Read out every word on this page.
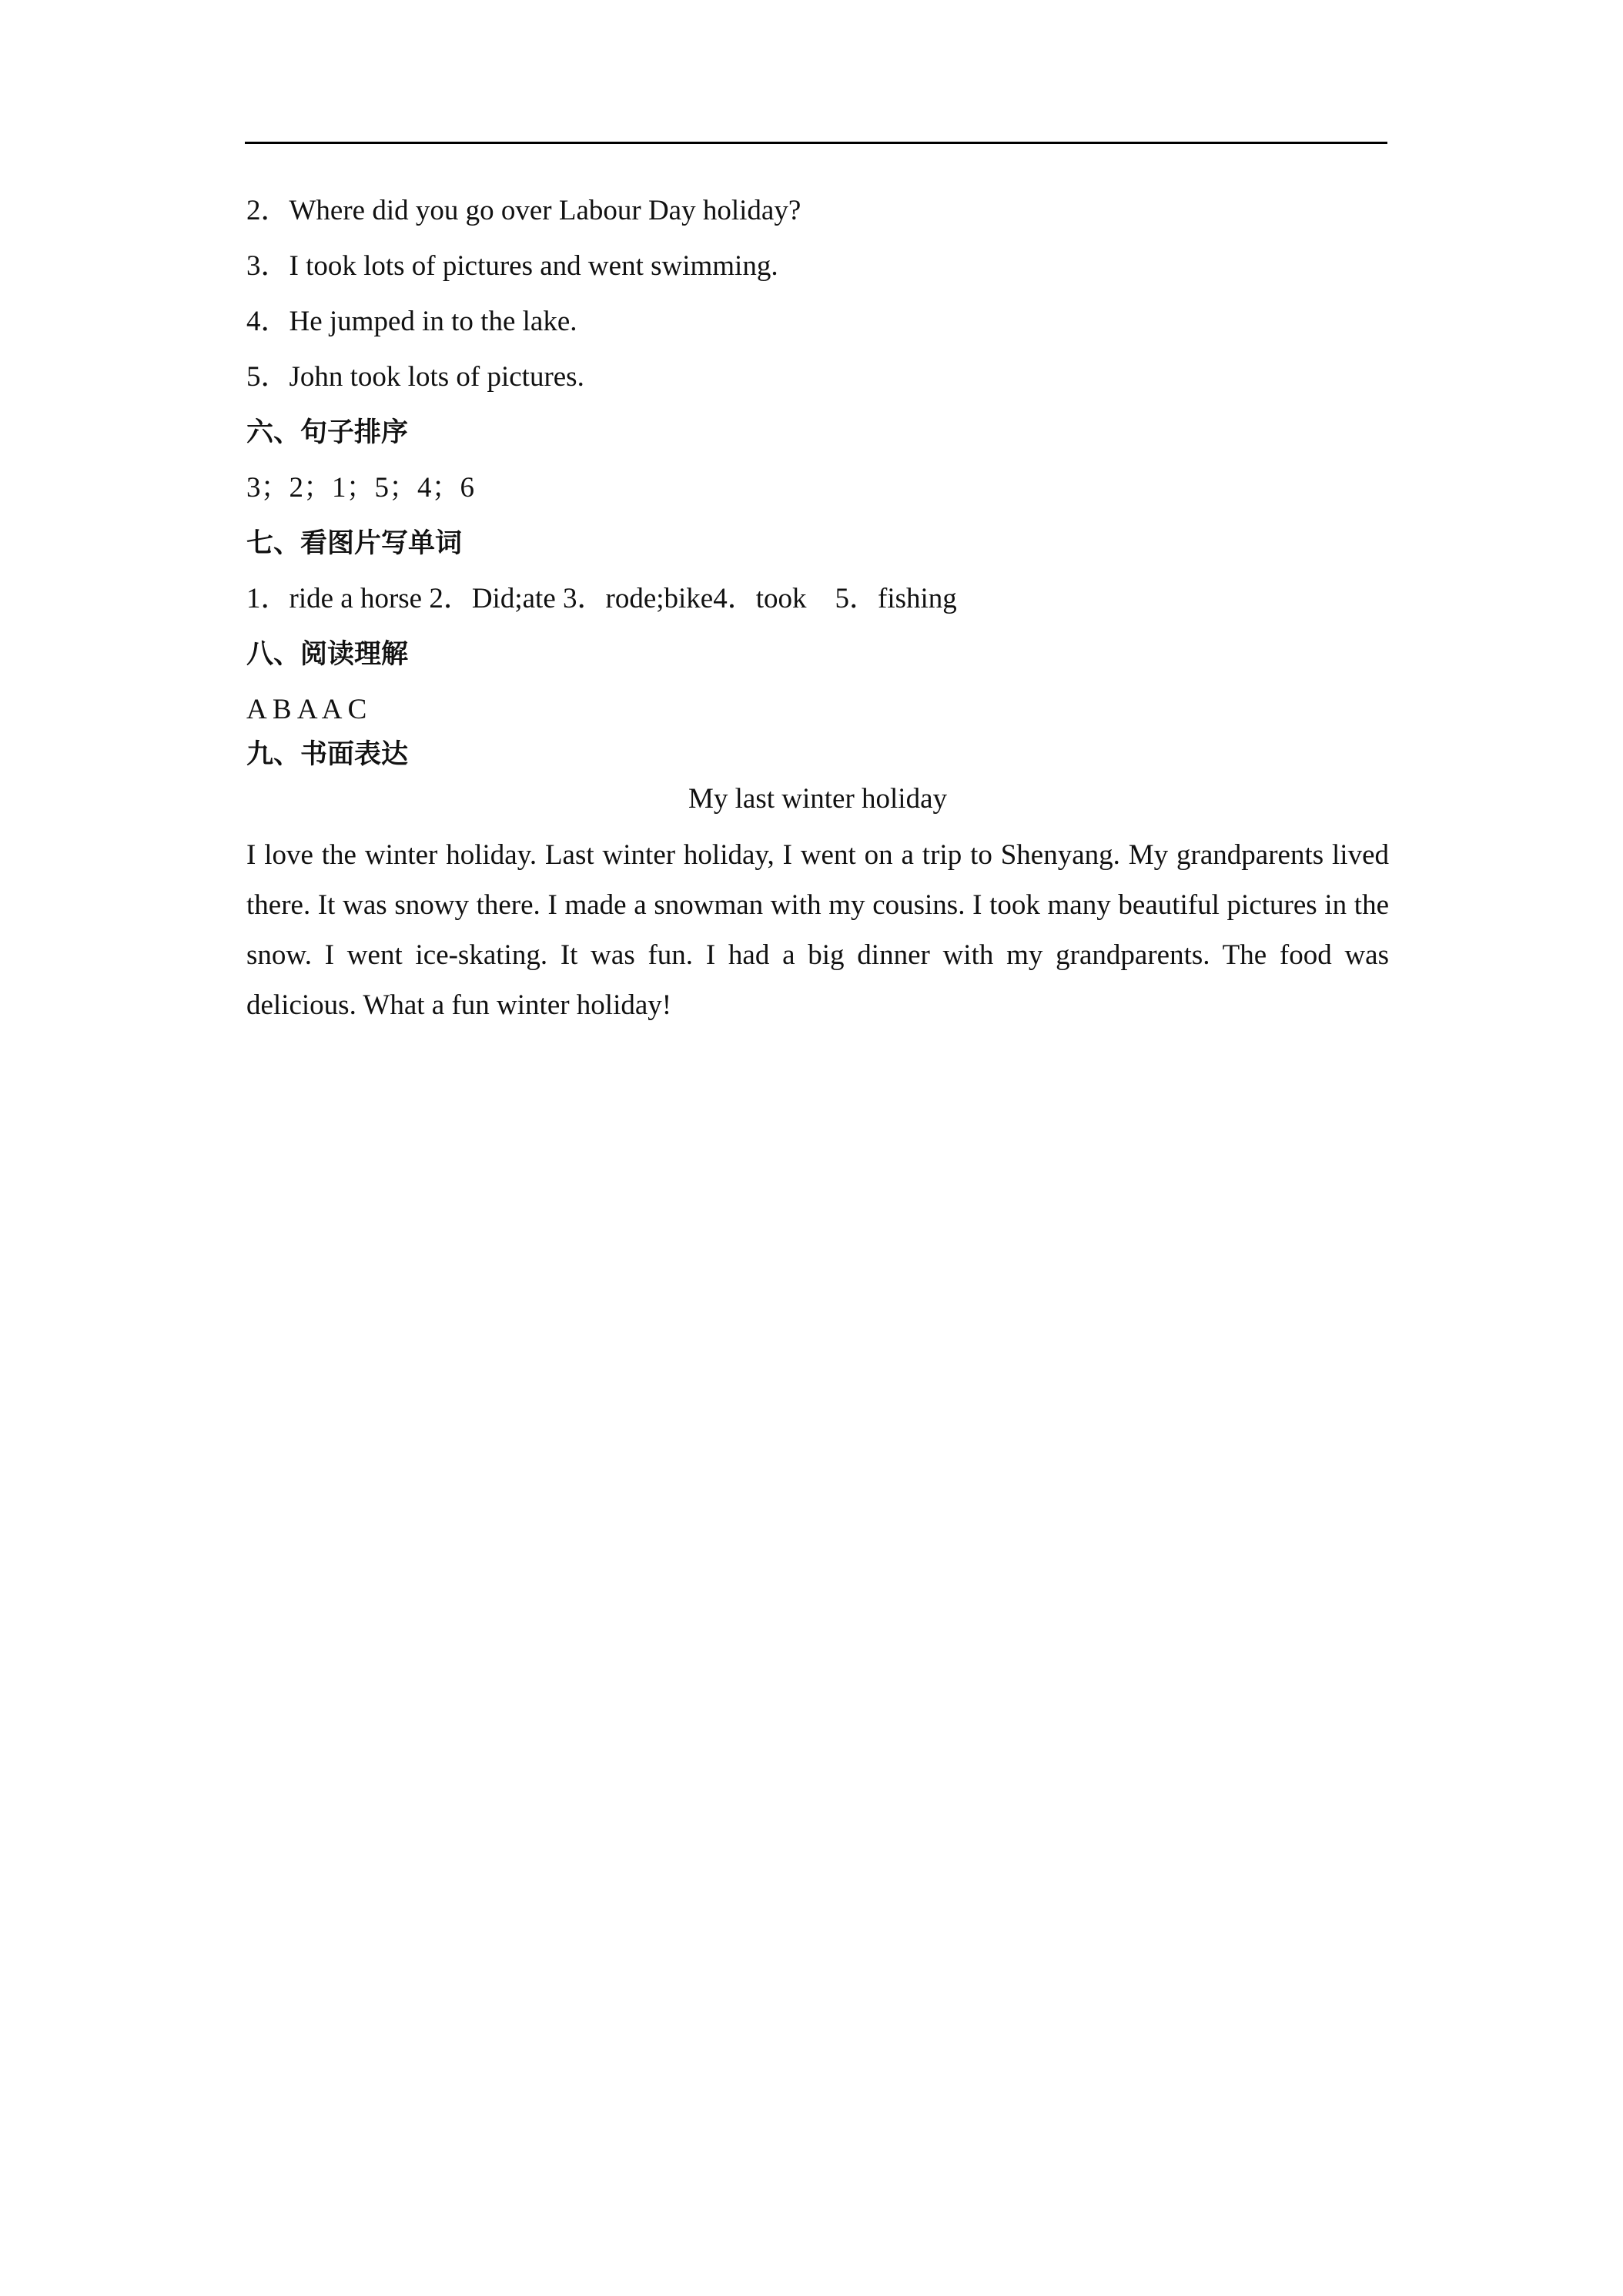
2．Where did you go over Labour Day holiday?
3．I took lots of pictures and went swimming.
4．He jumped in to the lake.
5．John took lots of pictures.
六、句子排序
3；2；1；5；4；6
七、看图片写单词
1．ride a horse 2．Did;ate 3．rode;bike4．took    5．fishing
八、阅读理解
A B A A C
九、书面表达
My last winter holiday

I love the winter holiday. Last winter holiday, I went on a trip to Shenyang. My grandparents lived there. It was snowy there. I made a snowman with my cousins. I took many beautiful pictures in the snow. I went ice-skating. It was fun. I had a big dinner with my grandparents. The food was delicious. What a fun winter holiday!
